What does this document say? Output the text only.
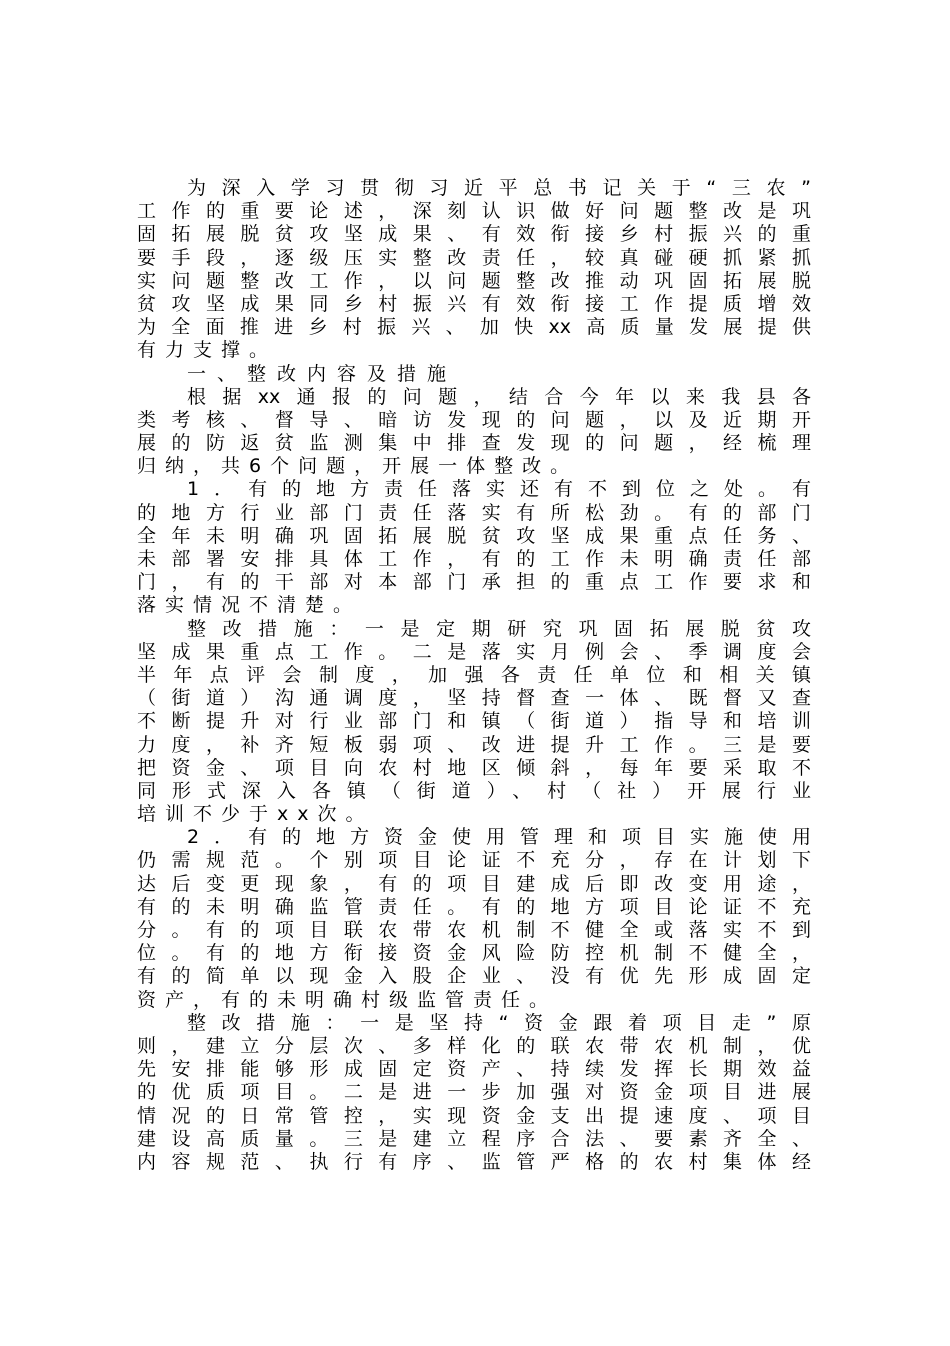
为深入学习贯彻习近平总书记关于“三农”
工作的重要论述，深刻认识做好问题整改是巩
固拓展脱贫攻坚成果、有效衔接乡村振兴的重
要手段，逐级压实整改责任，较真碰硬抓紧抓
实问题整改工作，以问题整改推动巩固拓展脱
贫攻坚成果同乡村振兴有效衔接工作提质增效
为全面推进乡村振兴、加快xx高质量发展提供
有力支撑。
一、整改内容及措施
根据xx通报的问题，结合今年以来我县各
类考核、督导、暗访发现的问题，以及近期开
展的防返贫监测集中排查发现的问题，经梳理
归纳，共6个问题，开展一体整改。
1．有的地方责任落实还有不到位之处。有
的地方行业部门责任落实有所松劲。有的部门
全年未明确巩固拓展脱贫攻坚成果重点任务、
未部署安排具体工作，有的工作未明确责任部
门，有的干部对本部门承担的重点工作要求和
落实情况不清楚。
整改措施：一是定期研究巩固拓展脱贫攻
坚成果重点工作。二是落实月例会、季调度会
半年点评会制度，加强各责任单位和相关镇
（街道）沟通调度，坚持督查一体、既督又查
不断提升对行业部门和镇（街道）指导和培训
力度，补齐短板弱项、改进提升工作。三是要
把资金、项目向农村地区倾斜，每年要采取不
同形式深入各镇（街道）、村（社）开展行业
培训不少于xx次。
2．有的地方资金使用管理和项目实施使用
仍需规范。个别项目论证不充分，存在计划下
达后变更现象，有的项目建成后即改变用途，
有的未明确监管责任。有的地方项目论证不充
分。有的项目联农带农机制不健全或落实不到
位。有的地方衔接资金风险防控机制不健全，
有的简单以现金入股企业、没有优先形成固定
资产，有的未明确村级监管责任。
整改措施：一是坚持“资金跟着项目走”原
则，建立分层次、多样化的联农带农机制，优
先安排能够形成固定资产、持续发挥长期效益
的优质项目。二是进一步加强对资金项目进展
情况的日常管控，实现资金支出提速度、项目
建设高质量。三是建立程序合法、要素齐全、
内容规范、执行有序、监管严格的农村集体经
